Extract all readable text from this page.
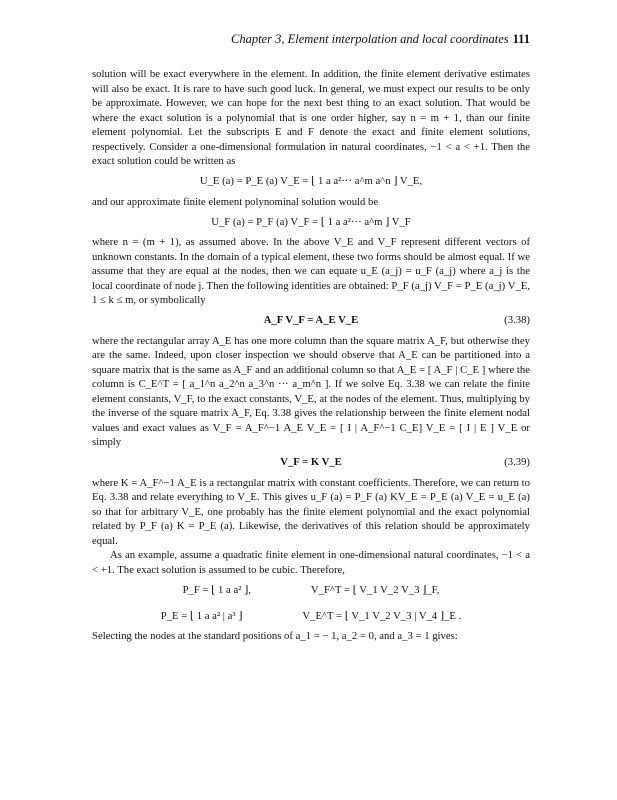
Chapter 3, Element interpolation and local coordinates 111

solution will be exact everywhere in the element. In addition, the finite element derivative estimates will also be exact. It is rare to have such good luck. In general, we must expect our results to be only be approximate. However, we can hope for the next best thing to an exact solution. That would be where the exact solution is a polynomial that is one order higher, say n = m + 1, than our finite element polynomial. Let the subscripts E and F denote the exact and finite element solutions, respectively. Consider a one-dimensional formulation in natural coordinates, −1 < a < +1. Then the exact solution could be written as

U_E (a) = P_E (a) V_E = ⌊ 1 a a²··· a^m a^n ⌋ V_E,

and our approximate finite element polynominal solution would be

U_F (a) = P_F (a) V_F = ⌊ 1 a a²··· a^m ⌋ V_F

where n = (m + 1), as assumed above. In the above V_E and V_F represent different vectors of unknown constants. In the domain of a typical element, these two forms should be almost equal. If we assume that they are equal at the nodes, then we can equate u_E (a_j) = u_F (a_j) where a_j is the local coordinate of node j. Then the following identities are obtained: P_F (a_j) V_F = P_E (a_j) V_E, 1 ≤ k ≤ m, or symbolically

A_F V_F = A_E V_E	(3.38)

where the rectangular array A_E has one more column than the square matrix A_F, but otherwise they are the same. Indeed, upon closer inspection we should observe that A_E can be partitioned into a square matrix that is the same as A_F and an additional column so that A_E = [ A_F | C_E ] where the column is C_E^T = [ a_1^n a_2^n a_3^n ··· a_m^n ]. If we solve Eq. 3.38 we can relate the finite element constants, V_F, to the exact constants, V_E, at the nodes of the element. Thus, multiplying by the inverse of the square matrix A_F, Eq. 3.38 gives the relationship between the finite element nodal values and exact values as V_F = A_F^−1 A_E V_E = [ I | A_F^−1 C_E] V_E = [ I | E ] V_E or simply

V_F = K V_E	(3.39)

where K = A_F^−1 A_E is a rectangular matrix with constant coefficients. Therefore, we can return to Eq. 3.38 and relate everything to V_E. This gives u_F (a) = P_F (a) KV_E = P_E (a) V_E = u_E (a) so that for arbitrary V_E, one probably has the finite element polynomial and the exact polynomial related by P_F (a) K = P_E (a). Likewise, the derivatives of this relation should be approximately equal.

As an example, assume a quadratic finite element in one-dimensional natural coordinates, −1 < a < +1. The exact solution is assumed to be cubic. Therefore,

P_F = ⌊ 1 a a² ⌋,	V_F^T = ⌊ V_1 V_2 V_3 ⌋_F,
P_E = ⌊ 1 a a² | a³ ⌋	V_E^T = ⌊ V_1 V_2 V_3 | V_4 ⌋_E .

Selecting the nodes at the standard positions of a_1 = − 1, a_2 = 0, and a_3 = 1 gives:
